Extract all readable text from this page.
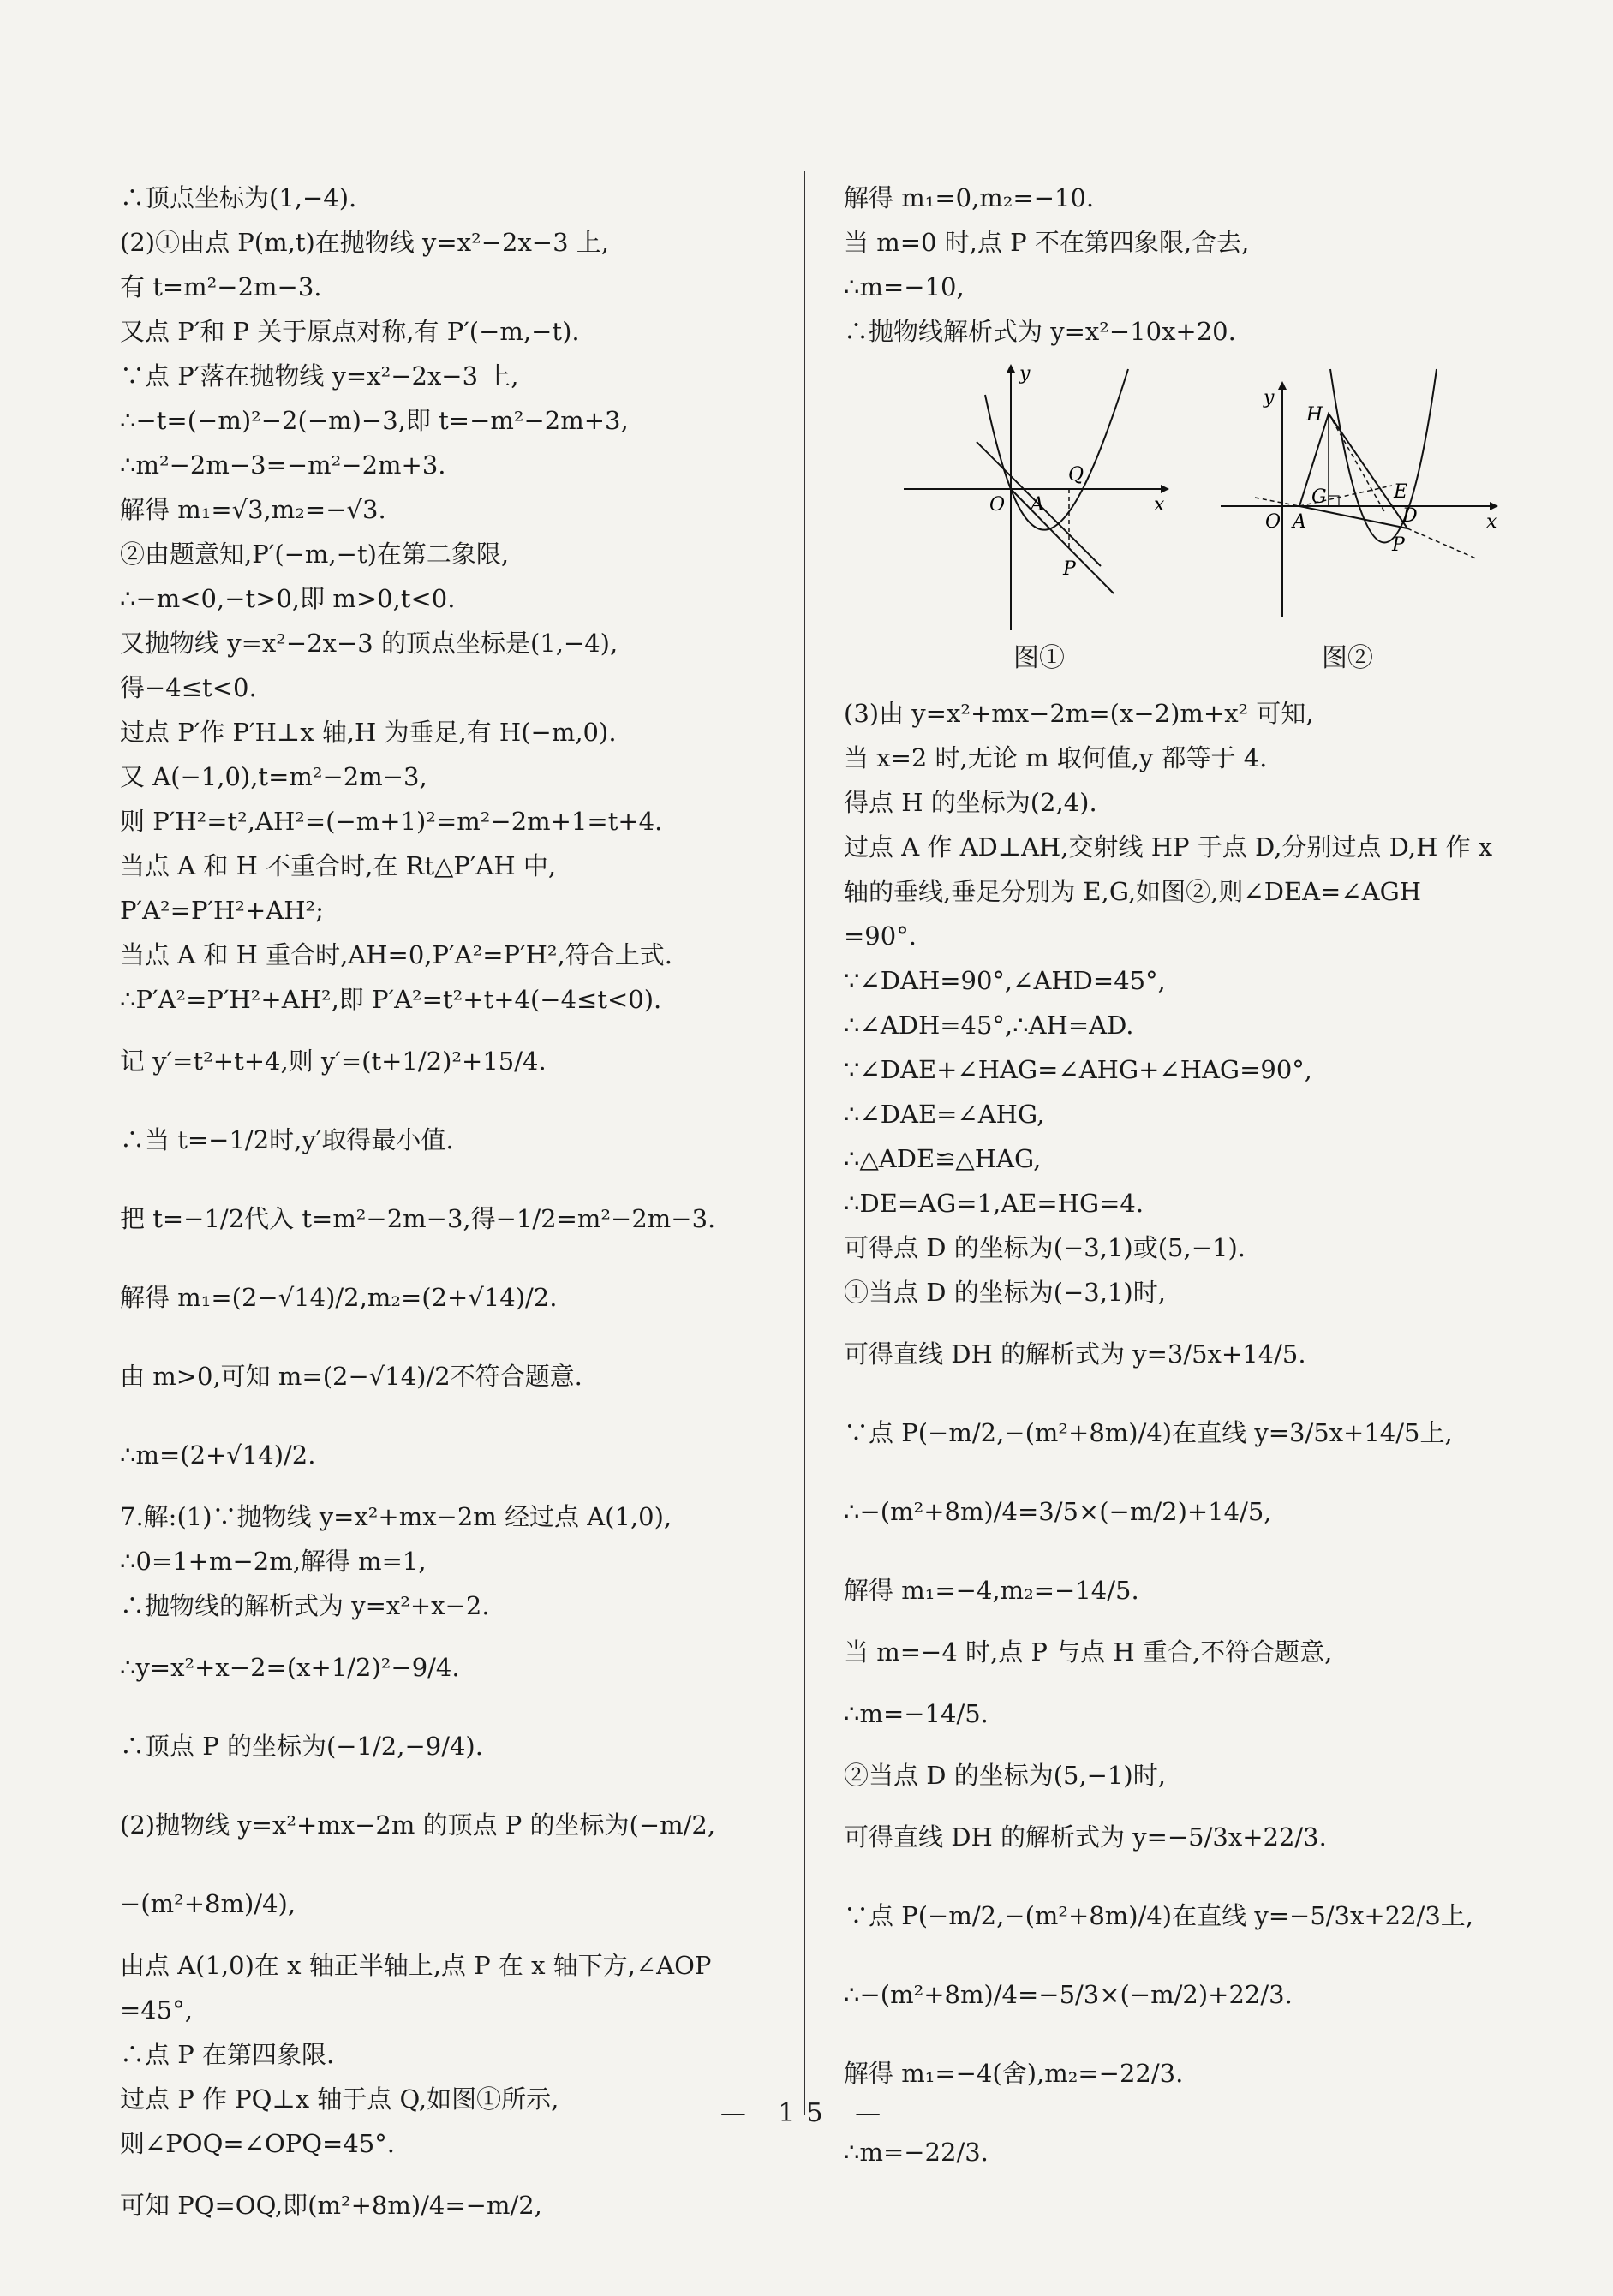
∴顶点坐标为(1,−4).
(2)①由点 P(m,t)在抛物线 y=x²−2x−3 上,
有 t=m²−2m−3.
又点 P′和 P 关于原点对称,有 P′(−m,−t).
∵点 P′落在抛物线 y=x²−2x−3 上,
∴−t=(−m)²−2(−m)−3,即 t=−m²−2m+3,
∴m²−2m−3=−m²−2m+3.
解得 m₁=√3,m₂=−√3.
②由题意知,P′(−m,−t)在第二象限,
∴−m<0,−t>0,即 m>0,t<0.
又抛物线 y=x²−2x−3 的顶点坐标是(1,−4),
得−4≤t<0.
过点 P′作 P′H⊥x 轴,H 为垂足,有 H(−m,0).
又 A(−1,0),t=m²−2m−3,
则 P′H²=t²,AH²=(−m+1)²=m²−2m+1=t+4.
当点 A 和 H 不重合时,在 Rt△P′AH 中,
P′A²=P′H²+AH²;
当点 A 和 H 重合时,AH=0,P′A²=P′H²,符合上式.
∴P′A²=P′H²+AH²,即 P′A²=t²+t+4(−4≤t<0).
记 y′=t²+t+4,则 y′=(t+1/2)²+15/4.
∴当 t=−1/2时,y′取得最小值.
把 t=−1/2代入 t=m²−2m−3,得−1/2=m²−2m−3.
解得 m₁=(2−√14)/2,m₂=(2+√14)/2.
由 m>0,可知 m=(2−√14)/2不符合题意.
∴m=(2+√14)/2.
7.解:(1)∵抛物线 y=x²+mx−2m 经过点 A(1,0),
∴0=1+m−2m,解得 m=1,
∴抛物线的解析式为 y=x²+x−2.
∴y=x²+x−2=(x+1/2)²−9/4.
∴顶点 P 的坐标为(−1/2,−9/4).
(2)抛物线 y=x²+mx−2m 的顶点 P 的坐标为(−m/2,
−(m²+8m)/4),
由点 A(1,0)在 x 轴正半轴上,点 P 在 x 轴下方,∠AOP
=45°,
∴点 P 在第四象限.
过点 P 作 PQ⊥x 轴于点 Q,如图①所示,
则∠POQ=∠OPQ=45°.
可知 PQ=OQ,即(m²+8m)/4=−m/2,
解得 m₁=0,m₂=−10.
当 m=0 时,点 P 不在第四象限,舍去,
∴m=−10,
∴抛物线解析式为 y=x²−10x+20.
y
x
O A
Q
P
y
x
O A
H
G	E
D
P
图①	图②
(3)由 y=x²+mx−2m=(x−2)m+x² 可知,
当 x=2 时,无论 m 取何值,y 都等于 4.
得点 H 的坐标为(2,4).
过点 A 作 AD⊥AH,交射线 HP 于点 D,分别过点 D,H 作 x
轴的垂线,垂足分别为 E,G,如图②,则∠DEA=∠AGH
=90°.
∵∠DAH=90°,∠AHD=45°,
∴∠ADH=45°,∴AH=AD.
∵∠DAE+∠HAG=∠AHG+∠HAG=90°,
∴∠DAE=∠AHG,
∴△ADE≌△HAG,
∴DE=AG=1,AE=HG=4.
可得点 D 的坐标为(−3,1)或(5,−1).
①当点 D 的坐标为(−3,1)时,
可得直线 DH 的解析式为 y=3/5x+14/5.
∵点 P(−m/2,−(m²+8m)/4)在直线 y=3/5x+14/5上,
∴−(m²+8m)/4=3/5×(−m/2)+14/5,
解得 m₁=−4,m₂=−14/5.
当 m=−4 时,点 P 与点 H 重合,不符合题意,
∴m=−14/5.
②当点 D 的坐标为(5,−1)时,
可得直线 DH 的解析式为 y=−5/3x+22/3.
∵点 P(−m/2,−(m²+8m)/4)在直线 y=−5/3x+22/3上,
∴−(m²+8m)/4=−5/3×(−m/2)+22/3.
解得 m₁=−4(舍),m₂=−22/3.
∴m=−22/3.
— 15 —
